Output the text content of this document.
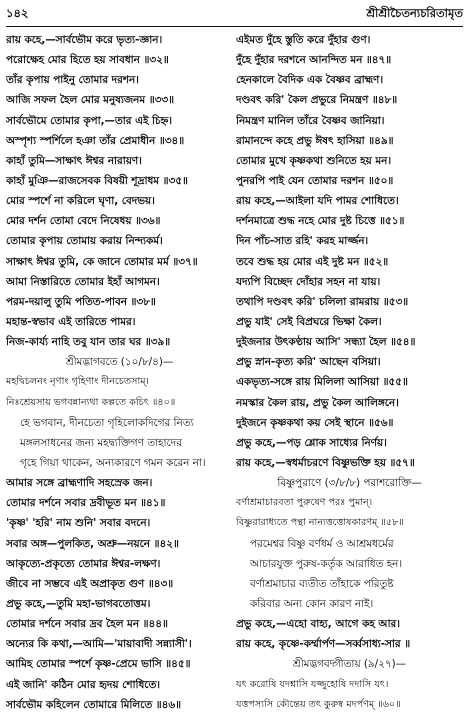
১৪২	শ্রীশ্রীচৈতন্যচরিতামৃত
রায় কহে,—সার্বভৌম করে ভৃত্য-জ্ঞান।
পরোক্ষেহ মোর হিতে হয় সাবধান ॥৩২॥
তাঁর কৃপায় পাইনু তোমার দরশন।
আজি সফল হৈল মোর মনুষ্যজনম ॥৩৩॥
সার্বভৌমে তোমার কৃপা,—তার এই চিহ্ন।
অস্পৃশ্য স্পর্শিলে হঞা তাঁর প্রেমাধীন ॥৩৪॥
কাহাঁ তুমি—সাক্ষাৎ ঈশ্বর নারায়ণ।
কাহাঁ মুঞি—রাজসেবক বিষয়ী শূদ্রাধম ॥৩৫॥
মোর স্পর্শে না করিলে ঘৃণা, বেদভয়।
মোর দর্শন তোমা বেদে নিষেধয় ॥৩৬॥
তোমার কৃপায় তোমায় করায় নিন্দ্যকর্ম।
সাক্ষাৎ ঈশ্বর তুমি, কে জানে তোমার মর্ম ॥৩৭॥
আমা নিস্তারিতে তোমার ইহাঁ আগমন।
পরম-দয়ালু তুমি পতিত-পাবন ॥৩৮॥
মহান্ত-স্বভাব এই তারিতে পামর।
নিজ-কার্য্য নাহি তবু যান তার ঘর ॥৩৯॥
শ্রীমদ্ভাগবতে (১০/৮/৪)—
মহদ্বিচলনং নৃণাং গৃহিণাং দীনচেতসাম্।
নিঃশ্রেয়সায় ভগবন্নান্যথা কল্পতে কচিৎ ॥৪০॥
হে ভগবান, দীনচেতা গৃহিলোকদিগের নিত্য
মঙ্গলসাধনের জন্য মহদ্ব্যক্তিগণ তাহাদের
গৃহে গিয়া থাকেন, অন্যকারণে গমন করেন না।
আমার সঙ্গে ব্রাহ্মণাদি সহস্রেক জন।
তোমার দর্শনে সবার দ্রবীভূত মন ॥৪১॥
'কৃষ্ণ' 'হরি' নাম শুনি' সবার বদনে।
সবার অঙ্গ—পুলকিত, অশ্রু—নয়নে ॥৪২॥
আকৃত্যে-প্রকৃত্যে তোমার ঈশ্বর-লক্ষণ।
জীবে না সম্ভবে এই অপ্রাকৃত গুণ ॥৪৩॥
প্রভু কহে,—তুমি মহা-ভাগবতোত্তম।
তোমার দর্শনে সবার দ্রব হৈল মন ॥৪৪॥
অন্যের কি কথা,—আমি—'মায়াবাদী সন্ন্যাসী'।
আমিহ তোমার স্পর্শে কৃষ্ণ-প্রেমে ভাসি ॥৪৫॥
এই জানি' কঠিন মোর হৃদয় শোধিতে।
সার্বভৌম কহিলেন তোমারে মিলিতে ॥৪৬॥
এইমত দুঁহে স্তুতি করে দুঁহার গুণ।
দুঁহে দুঁহার দরশনে আনন্দিত মন ॥৪৭॥
হেনকালে বৈদিক এক বৈষ্ণব ব্রাহ্মণ।
দণ্ডবৎ করি' কৈল প্রভুরে নিমন্ত্রণ ॥৪৮॥
নিমন্ত্রণ মানিল তাঁরে বৈষ্ণব জানিয়া।
রামানন্দে কহে প্রভু ঈষৎ হাসিয়া ॥৪৯॥
তোমার মুখে কৃষ্ণকথা শুনিতে হয় মন।
পুনরপি পাই যেন তোমার দরশন ॥৫০॥
রায় কহে,—আইলা যদি পামর শোধিতে।
দর্শনমাত্রে শুদ্ধ নহে মোর দুষ্ট চিত্তে ॥৫১॥
দিন পাঁচ-সাত রহি' করহ মার্জ্জন।
তবে শুদ্ধ হয় মোর এই দুষ্ট মন ॥৫২॥
যদ্যপি বিচ্ছেদ দোঁহার সহন না যায়।
তথাপি দণ্ডবৎ করি' চলিলা রামরায় ॥৫৩॥
প্রভু যাই' সেই বিপ্রঘরে ভিক্ষা কৈল।
দুইজনার উৎকণ্ঠায় আসি' সন্ধ্যা হৈল ॥৫৪॥
প্রভু স্নান-কৃত্য করি' আছেন বসিয়া।
একভৃত্য-সঙ্গে রায় মিলিলা আসিয়া ॥৫৫॥
নমস্কার কৈল রায়, প্রভু কৈল আলিঙ্গনে।
দুইজনে কৃষ্ণকথা কয় সেই স্থানে ॥৫৬॥
প্রভু কহে,—পড় শ্লোক সাধ্যের নির্ণয়।
রায় কহে,—স্বধর্মাচরণে বিষ্ণুভক্তি হয় ॥৫৭॥
বিষ্ণুপুরাণে (৩/৮/৮) পরাশরোক্তি—
বর্ণাশ্রমাচারবতা পুরুষেণ পরঃ পুমান্।
বিষ্ণুরারাধ্যতে পন্থা নান্যত্তত্তোষকারণম্ ॥৫৮॥
পরমেশ্বর বিষ্ণু বর্ণধর্ম ও আশ্রমধর্মের
আচারযুক্ত পুরুষ-কর্তৃক আরাধিত হন।
বর্ণাশ্রমাচার ব্যতীত তাঁহাকে পরিতুষ্ট
করিবার অন্য কোন কারণ নাই।
প্রভু কহে,—এহো বাহ্য, আগে কহ আর।
রায় কহে, কৃষ্ণে-কর্ম্মার্পণ—সর্ব্বসাধ্য-সার ॥
শ্রীমদ্ভগবদ্গীতায় (৯/২৭)—
যৎ করোষি যদশ্নাসি যজ্জুহোষি দদাসি যৎ।
যত্তপস্যসি কৌন্তেয় তৎ কুরুষ্ব মদর্পণম্ ॥৬০॥
